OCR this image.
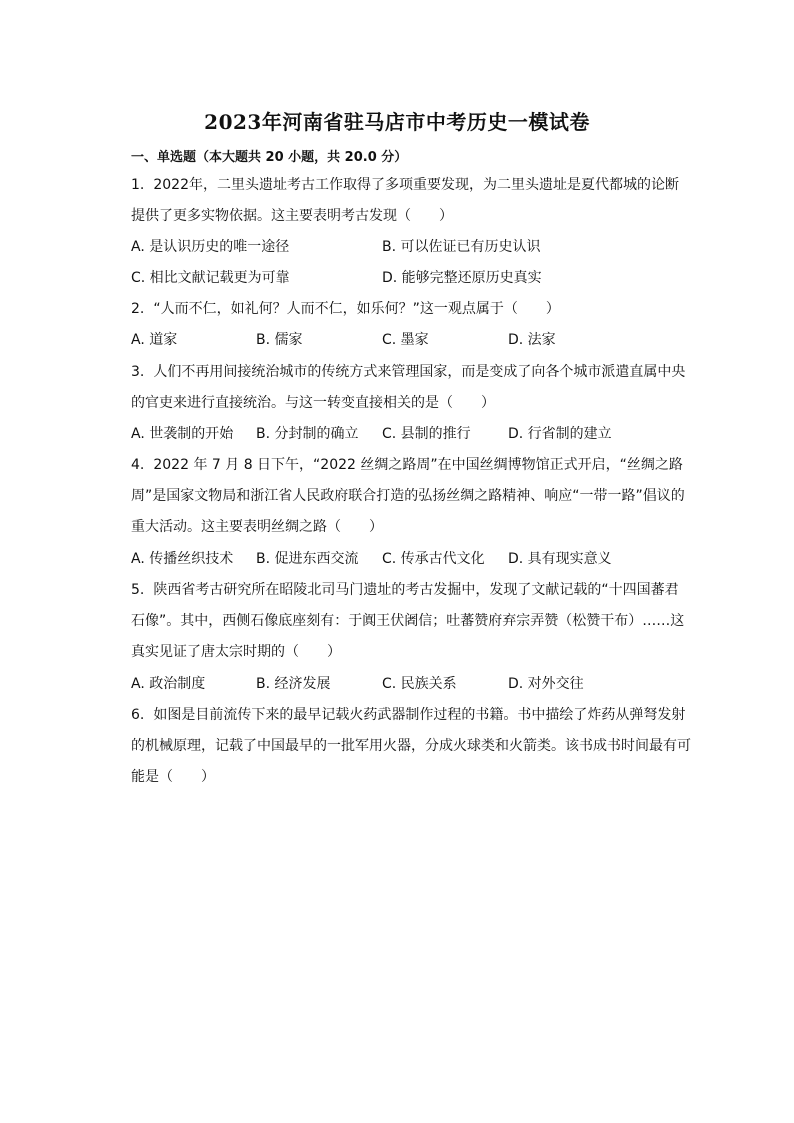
2023年河南省驻马店市中考历史一模试卷
一、单选题（本大题共 20 小题，共 20.0 分）
1. 2022年，二里头遗址考古工作取得了多项重要发现，为二里头遗址是夏代都城的论断提供了更多实物依据。这主要表明考古发现（　　）
A. 是认识历史的唯一途径	B. 可以佐证已有历史认识
C. 相比文献记载更为可靠	D. 能够完整还原历史真实
2. “人而不仁，如礼何？人而不仁，如乐何？”这一观点属于（　　）
A. 道家	B. 儒家	C. 墨家	D. 法家
3. 人们不再用间接统治城市的传统方式来管理国家，而是变成了向各个城市派遣直属中央的官吏来进行直接统治。与这一转变直接相关的是（　　）
A. 世袭制的开始 B. 分封制的确立 C. 县制的推行	D. 行省制的建立
4. 2022 年 7 月 8 日下午，“2022 丝绸之路周”在中国丝绸博物馆正式开启，“丝绸之路周”是国家文物局和浙江省人民政府联合打造的弘扬丝绸之路精神、响应“一带一路”倡议的重大活动。这主要表明丝绸之路（　　）
A. 传播丝织技术 B. 促进东西交流 C. 传承古代文化 D. 具有现实意义
5. 陕西省考古研究所在昭陵北司马门遗址的考古发掘中，发现了文献记载的“十四国蕃君石像”。其中，西侧石像底座刻有：于阗王伏阇信；吐蕃赞府弃宗弄赞（松赞干布）……这真实见证了唐太宗时期的（　　）
A. 政治制度	B. 经济发展	C. 民族关系	D. 对外交往
6. 如图是目前流传下来的最早记载火药武器制作过程的书籍。书中描绘了炸药从弹弩发射的机械原理，记载了中国最早的一批军用火器，分成火球类和火箭类。该书成书时间最有可能是（　　）
